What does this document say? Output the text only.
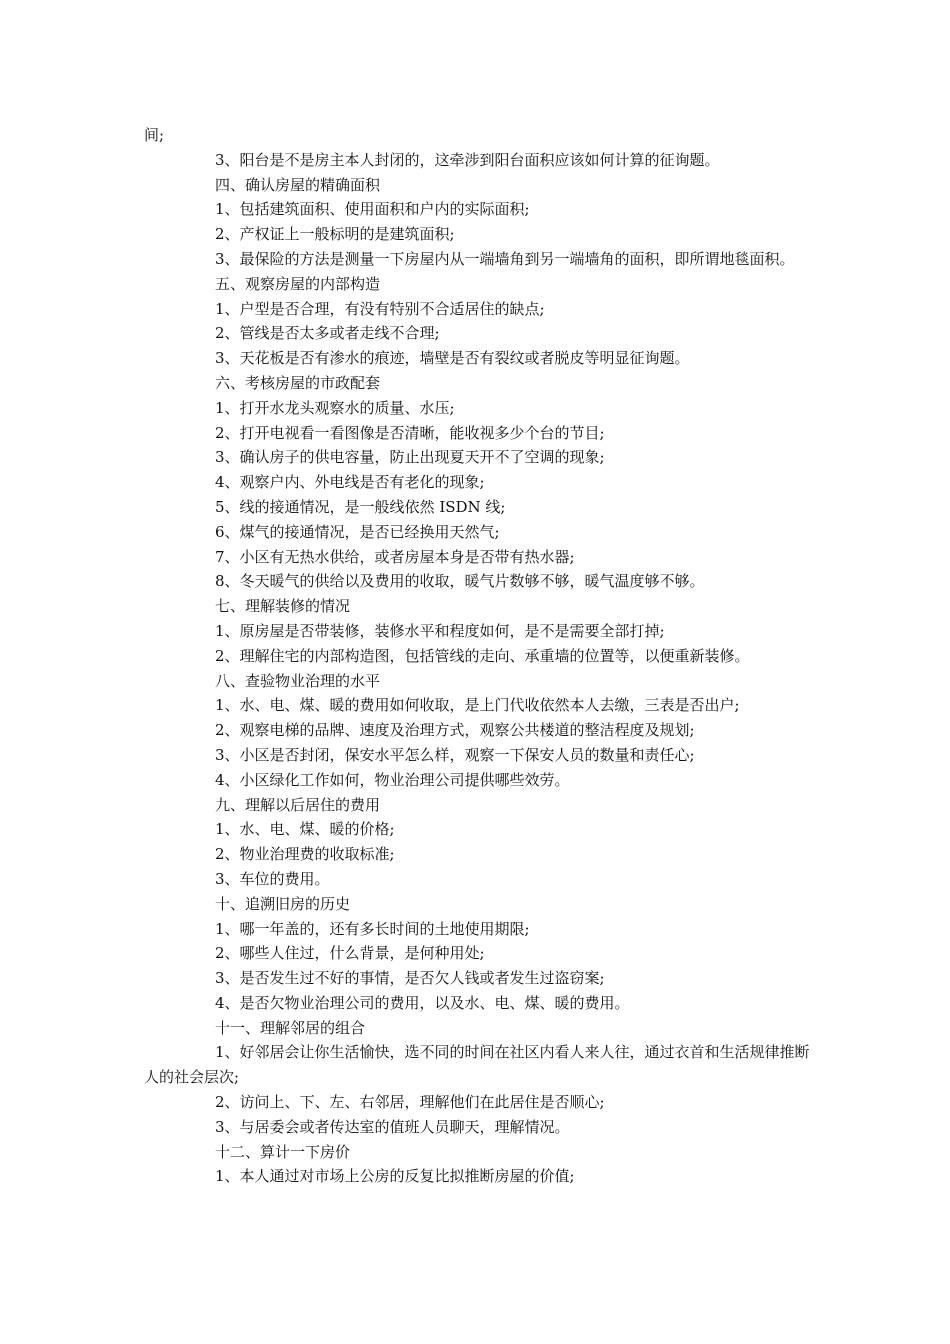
间;
3、阳台是不是房主本人封闭的，这牵涉到阳台面积应该如何计算的征询题。
四、确认房屋的精确面积
1、包括建筑面积、使用面积和户内的实际面积;
2、产权证上一般标明的是建筑面积;
3、最保险的方法是测量一下房屋内从一端墙角到另一端墙角的面积，即所谓地毯面积。
五、观察房屋的内部构造
1、户型是否合理，有没有特别不合适居住的缺点;
2、管线是否太多或者走线不合理;
3、天花板是否有渗水的痕迹，墙壁是否有裂纹或者脱皮等明显征询题。
六、考核房屋的市政配套
1、打开水龙头观察水的质量、水压;
2、打开电视看一看图像是否清晰，能收视多少个台的节目;
3、确认房子的供电容量，防止出现夏天开不了空调的现象;
4、观察户内、外电线是否有老化的现象;
5、线的接通情况，是一般线依然 ISDN 线;
6、煤气的接通情况，是否已经换用天然气;
7、小区有无热水供给，或者房屋本身是否带有热水器;
8、冬天暖气的供给以及费用的收取，暖气片数够不够，暖气温度够不够。
七、理解装修的情况
1、原房屋是否带装修，装修水平和程度如何，是不是需要全部打掉;
2、理解住宅的内部构造图，包括管线的走向、承重墙的位置等，以便重新装修。
八、查验物业治理的水平
1、水、电、煤、暖的费用如何收取，是上门代收依然本人去缴，三表是否出户;
2、观察电梯的品牌、速度及治理方式，观察公共楼道的整洁程度及规划;
3、小区是否封闭，保安水平怎么样，观察一下保安人员的数量和责任心;
4、小区绿化工作如何，物业治理公司提供哪些效劳。
九、理解以后居住的费用
1、水、电、煤、暖的价格;
2、物业治理费的收取标准;
3、车位的费用。
十、追溯旧房的历史
1、哪一年盖的，还有多长时间的土地使用期限;
2、哪些人住过，什么背景，是何种用处;
3、是否发生过不好的事情，是否欠人钱或者发生过盗窃案;
4、是否欠物业治理公司的费用，以及水、电、煤、暖的费用。
十一、理解邻居的组合
1、好邻居会让你生活愉快，选不同的时间在社区内看人来人往，通过衣首和生活规律推断人的社会层次;
2、访问上、下、左、右邻居，理解他们在此居住是否顺心;
3、与居委会或者传达室的值班人员聊天，理解情况。
十二、算计一下房价
1、本人通过对市场上公房的反复比拟推断房屋的价值;
